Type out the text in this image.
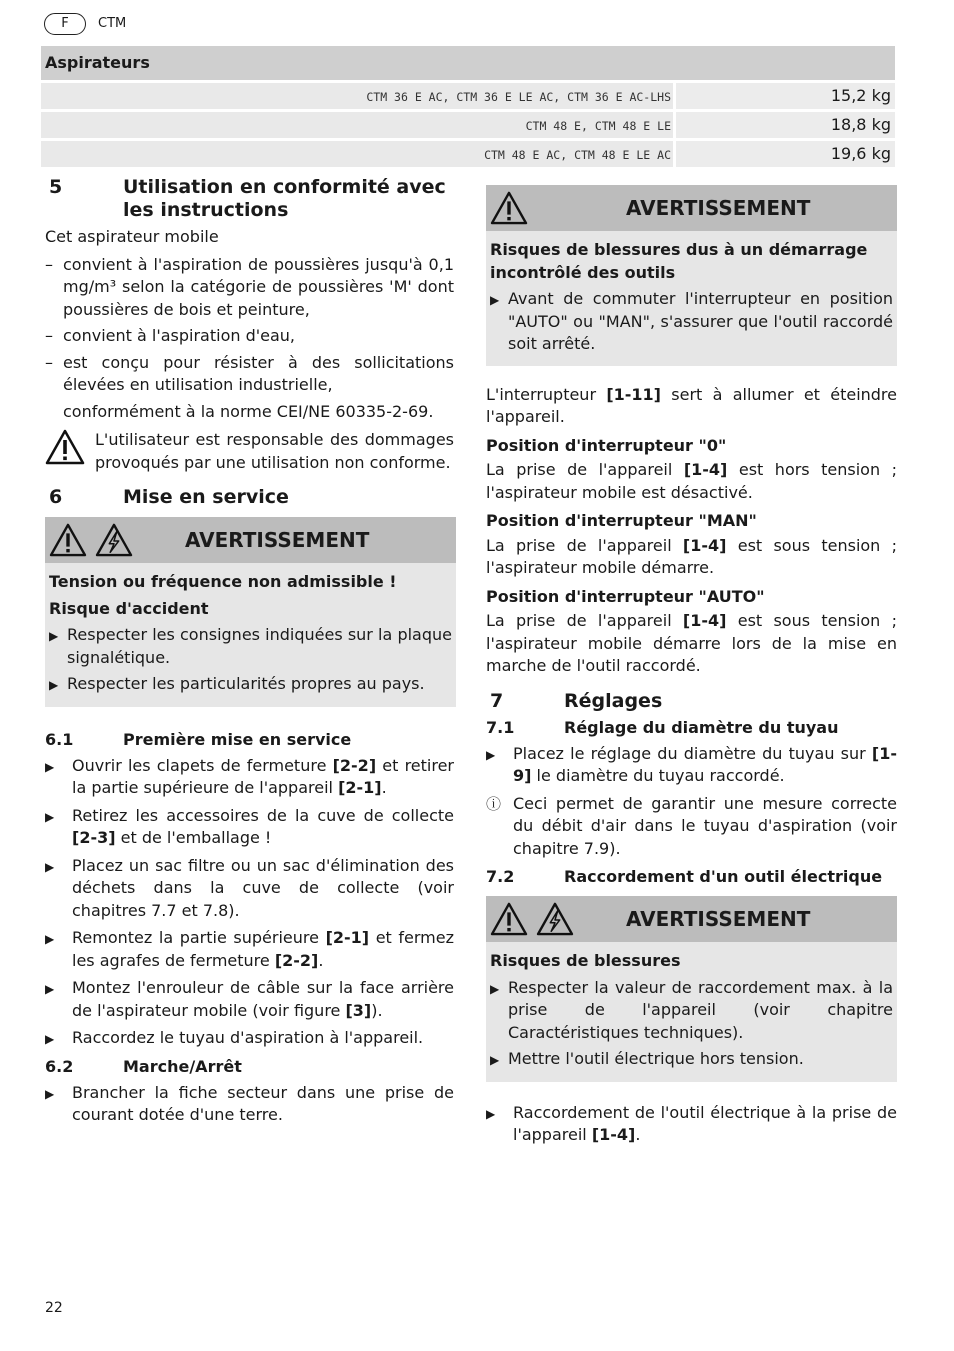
F	CTM
Aspirateurs
CTM 36 E AC, CTM 36 E LE AC, CTM 36 E AC-LHS	15,2 kg
CTM 48 E, CTM 48 E LE	18,8 kg
CTM 48 E AC, CTM 48 E LE AC	19,6 kg
5	Utilisation en conformité avec les instructions

Cet aspirateur mobile

– convient à l'aspiration de poussières jusqu'à 0,1 mg/m³ selon la catégorie de poussières 'M' dont poussières de bois et peinture,
– convient à l'aspiration d'eau,
– est conçu pour résister à des sollicitations élevées en utilisation industrielle,
conformément à la norme CEI/NE 60335-2-69.
L'utilisateur est responsable des dommages provoqués par une utilisation non conforme.
6	Mise en service
AVERTISSEMENT
Tension ou fréquence non admissible !
Risque d'accident
▶ Respecter les consignes indiquées sur la plaque signalétique.
▶ Respecter les particularités propres au pays.
6.1	Première mise en service
▶	Ouvrir les clapets de fermeture [2-2] et retirer la partie supérieure de l'appareil [2-1].
▶	Retirez les accessoires de la cuve de collecte [2-3] et de l'emballage !
▶	Placez un sac filtre ou un sac d'élimination des déchets dans la cuve de collecte (voir chapitres 7.7 et 7.8).
▶	Remontez la partie supérieure [2-1] et fermez les agrafes de fermeture [2-2].
▶	Montez l'enrouleur de câble sur la face arrière de l'aspirateur mobile (voir figure [3]).
▶	Raccordez le tuyau d'aspiration à l'appareil.
6.2	Marche/Arrêt
▶	Brancher la fiche secteur dans une prise de courant dotée d'une terre.
AVERTISSEMENT
Risques de blessures dus à un démarrage incontrôlé des outils
▶ Avant de commuter l'interrupteur en position "AUTO" ou "MAN", s'assurer que l'outil raccordé soit arrêté.
L'interrupteur [1-11] sert à allumer et éteindre l'appareil.
Position d'interrupteur "0"
La prise de l'appareil [1-4] est hors tension ; l'aspirateur mobile est désactivé.
Position d'interrupteur "MAN"
La prise de l'appareil [1-4] est sous tension ; l'aspirateur mobile démarre.
Position d'interrupteur "AUTO"
La prise de l'appareil [1-4] est sous tension ; l'aspirateur mobile démarre lors de la mise en marche de l'outil raccordé.
7	Réglages
7.1	Réglage du diamètre du tuyau
▶	Placez le réglage du diamètre du tuyau sur [1-9] le diamètre du tuyau raccordé.
ⓘ Ceci permet de garantir une mesure correcte du débit d'air dans le tuyau d'aspiration (voir chapitre 7.9).
7.2	Raccordement d'un outil électrique
AVERTISSEMENT
Risques de blessures
▶ Respecter la valeur de raccordement max. à la prise de l'appareil (voir chapitre Caractéristiques techniques).
▶ Mettre l'outil électrique hors tension.
▶	Raccordement de l'outil électrique à la prise de l'appareil [1-4].
22
